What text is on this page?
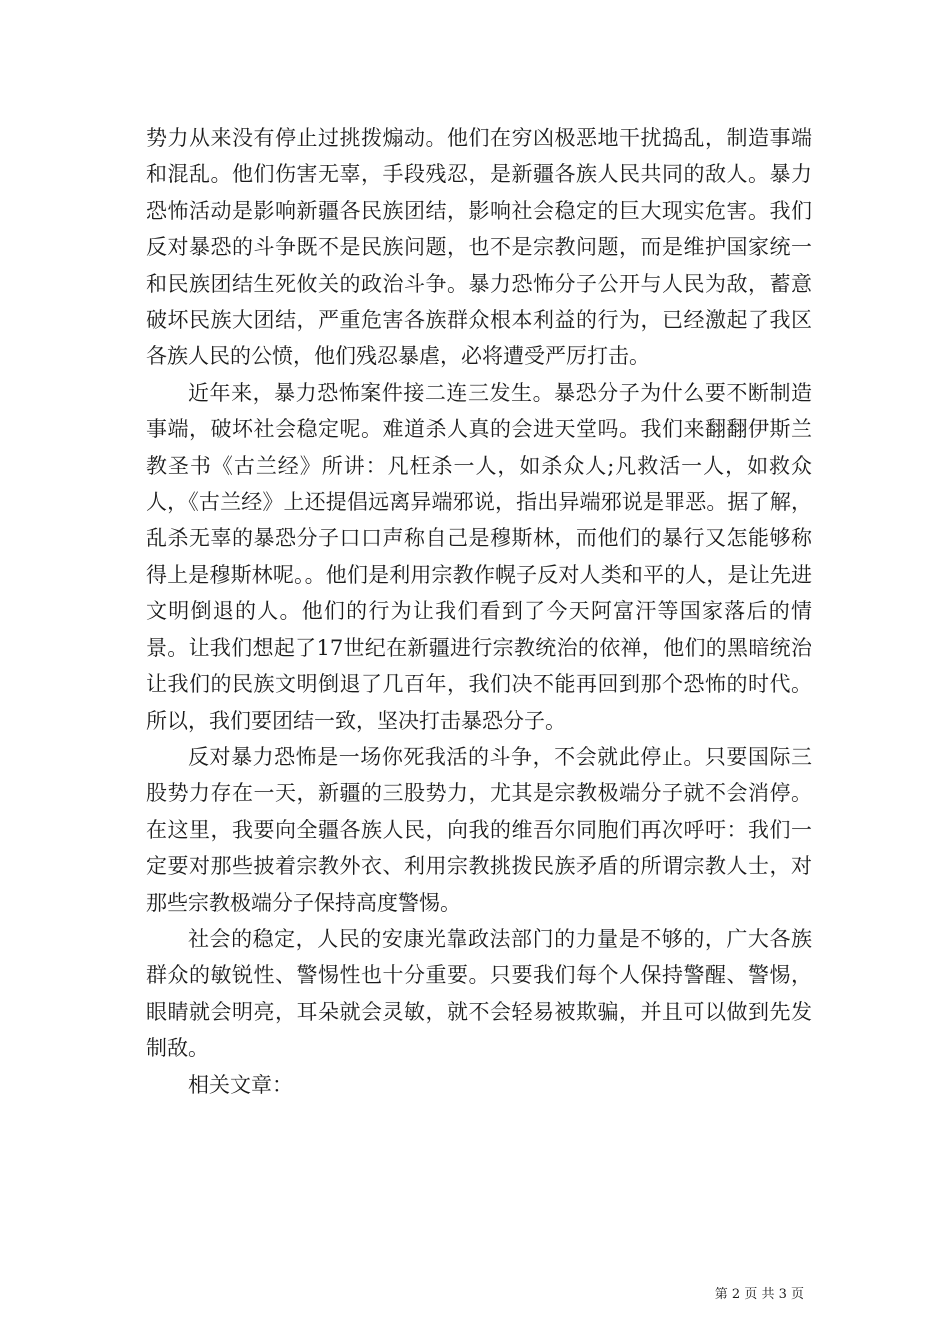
势力从来没有停止过挑拨煽动。他们在穷凶极恶地干扰捣乱，制造事端和混乱。他们伤害无辜，手段残忍，是新疆各族人民共同的敌人。暴力恐怖活动是影响新疆各民族团结，影响社会稳定的巨大现实危害。我们反对暴恐的斗争既不是民族问题，也不是宗教问题，而是维护国家统一和民族团结生死攸关的政治斗争。暴力恐怖分子公开与人民为敌，蓄意破坏民族大团结，严重危害各族群众根本利益的行为，已经激起了我区各族人民的公愤，他们残忍暴虐，必将遭受严厉打击。

近年来，暴力恐怖案件接二连三发生。暴恐分子为什么要不断制造事端，破坏社会稳定呢。难道杀人真的会进天堂吗。我们来翻翻伊斯兰教圣书《古兰经》所讲：凡枉杀一人，如杀众人;凡救活一人，如救众人，《古兰经》上还提倡远离异端邪说，指出异端邪说是罪恶。据了解，乱杀无辜的暴恐分子口口声称自己是穆斯林，而他们的暴行又怎能够称得上是穆斯林呢。。他们是利用宗教作幌子反对人类和平的人，是让先进文明倒退的人。他们的行为让我们看到了今天阿富汗等国家落后的情景。让我们想起了17世纪在新疆进行宗教统治的依禅，他们的黑暗统治让我们的民族文明倒退了几百年，我们决不能再回到那个恐怖的时代。所以，我们要团结一致，坚决打击暴恐分子。

反对暴力恐怖是一场你死我活的斗争，不会就此停止。只要国际三股势力存在一天，新疆的三股势力，尤其是宗教极端分子就不会消停。在这里，我要向全疆各族人民，向我的维吾尔同胞们再次呼吁：我们一定要对那些披着宗教外衣、利用宗教挑拨民族矛盾的所谓宗教人士，对那些宗教极端分子保持高度警惕。

社会的稳定，人民的安康光靠政法部门的力量是不够的，广大各族群众的敏锐性、警惕性也十分重要。只要我们每个人保持警醒、警惕，眼睛就会明亮，耳朵就会灵敏，就不会轻易被欺骗，并且可以做到先发制敌。

相关文章：

第 2 页 共 3 页
